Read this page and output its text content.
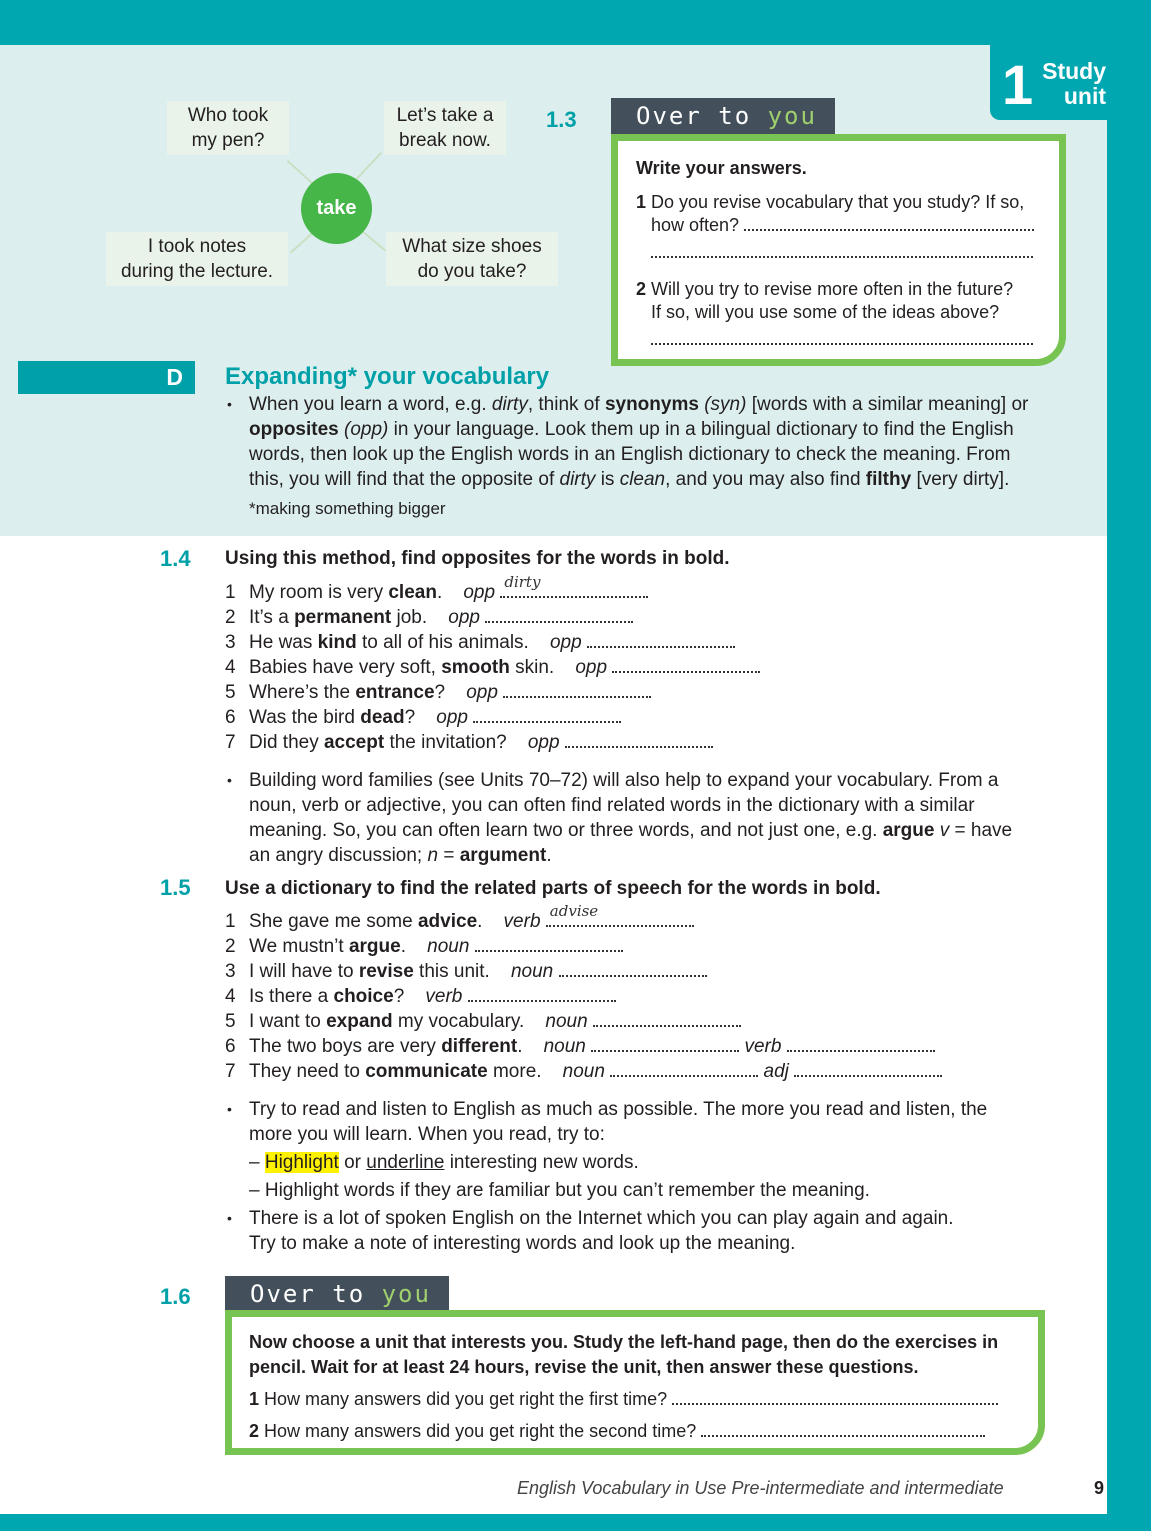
1 Study
unit
Who took
my pen?
Let’s take a
break now.
I took notes
during the lecture.
What size shoes
do you take?
take
1.3	Over to you

Write your answers.

1 Do you revise vocabulary that you study? If so,

how often?

2 Will you try to revise more often in the future?

If so, will you use some of the ideas above?

D	Expanding* your vocabulary
• When you learn a word, e.g. dirty, think of synonyms (syn) [words with a similar meaning] or
opposites (opp) in your language. Look them up in a bilingual dictionary to find the English
words, then look up the English words in an English dictionary to check the meaning. From
this, you will find that the opposite of dirty is clean, and you may also find filthy [very dirty].
*making something bigger
1.4 Using this method, find opposites for the words in bold.
1 My room is very clean. opp dirty
2 It’s a permanent job. opp
3 He was kind to all of his animals. opp
4 Babies have very soft, smooth skin. opp
5 Where’s the entrance? opp
6 Was the bird dead? opp
7 Did they accept the invitation? opp
• Building word families (see Units 70–72) will also help to expand your vocabulary. From a
noun, verb or adjective, you can often find related words in the dictionary with a similar
meaning. So, you can often learn two or three words, and not just one, e.g. argue v = have
an angry discussion; n = argument.
1.5 Use a dictionary to find the related parts of speech for the words in bold.
1 She gave me some advice. verb advise
2 We mustn’t argue. noun
3 I will have to revise this unit. noun
4 Is there a choice? verb
5 I want to expand my vocabulary. noun
6 The two boys are very different. noun	verb
7 They need to communicate more. noun	adj
• Try to read and listen to English as much as possible. The more you read and listen, the
more you will learn. When you read, try to:
– Highlight or underline interesting new words.
– Highlight words if they are familiar but you can’t remember the meaning.
• There is a lot of spoken English on the Internet which you can play again and again.
Try to make a note of interesting words and look up the meaning.
1.6	Over to you

Now choose a unit that interests you. Study the left-hand page, then do the exercises in

pencil. Wait for at least 24 hours, revise the unit, then answer these questions.

1 How many answers did you get right the first time?

2 How many answers did you get right the second time?

English Vocabulary in Use Pre-intermediate and intermediate	9
